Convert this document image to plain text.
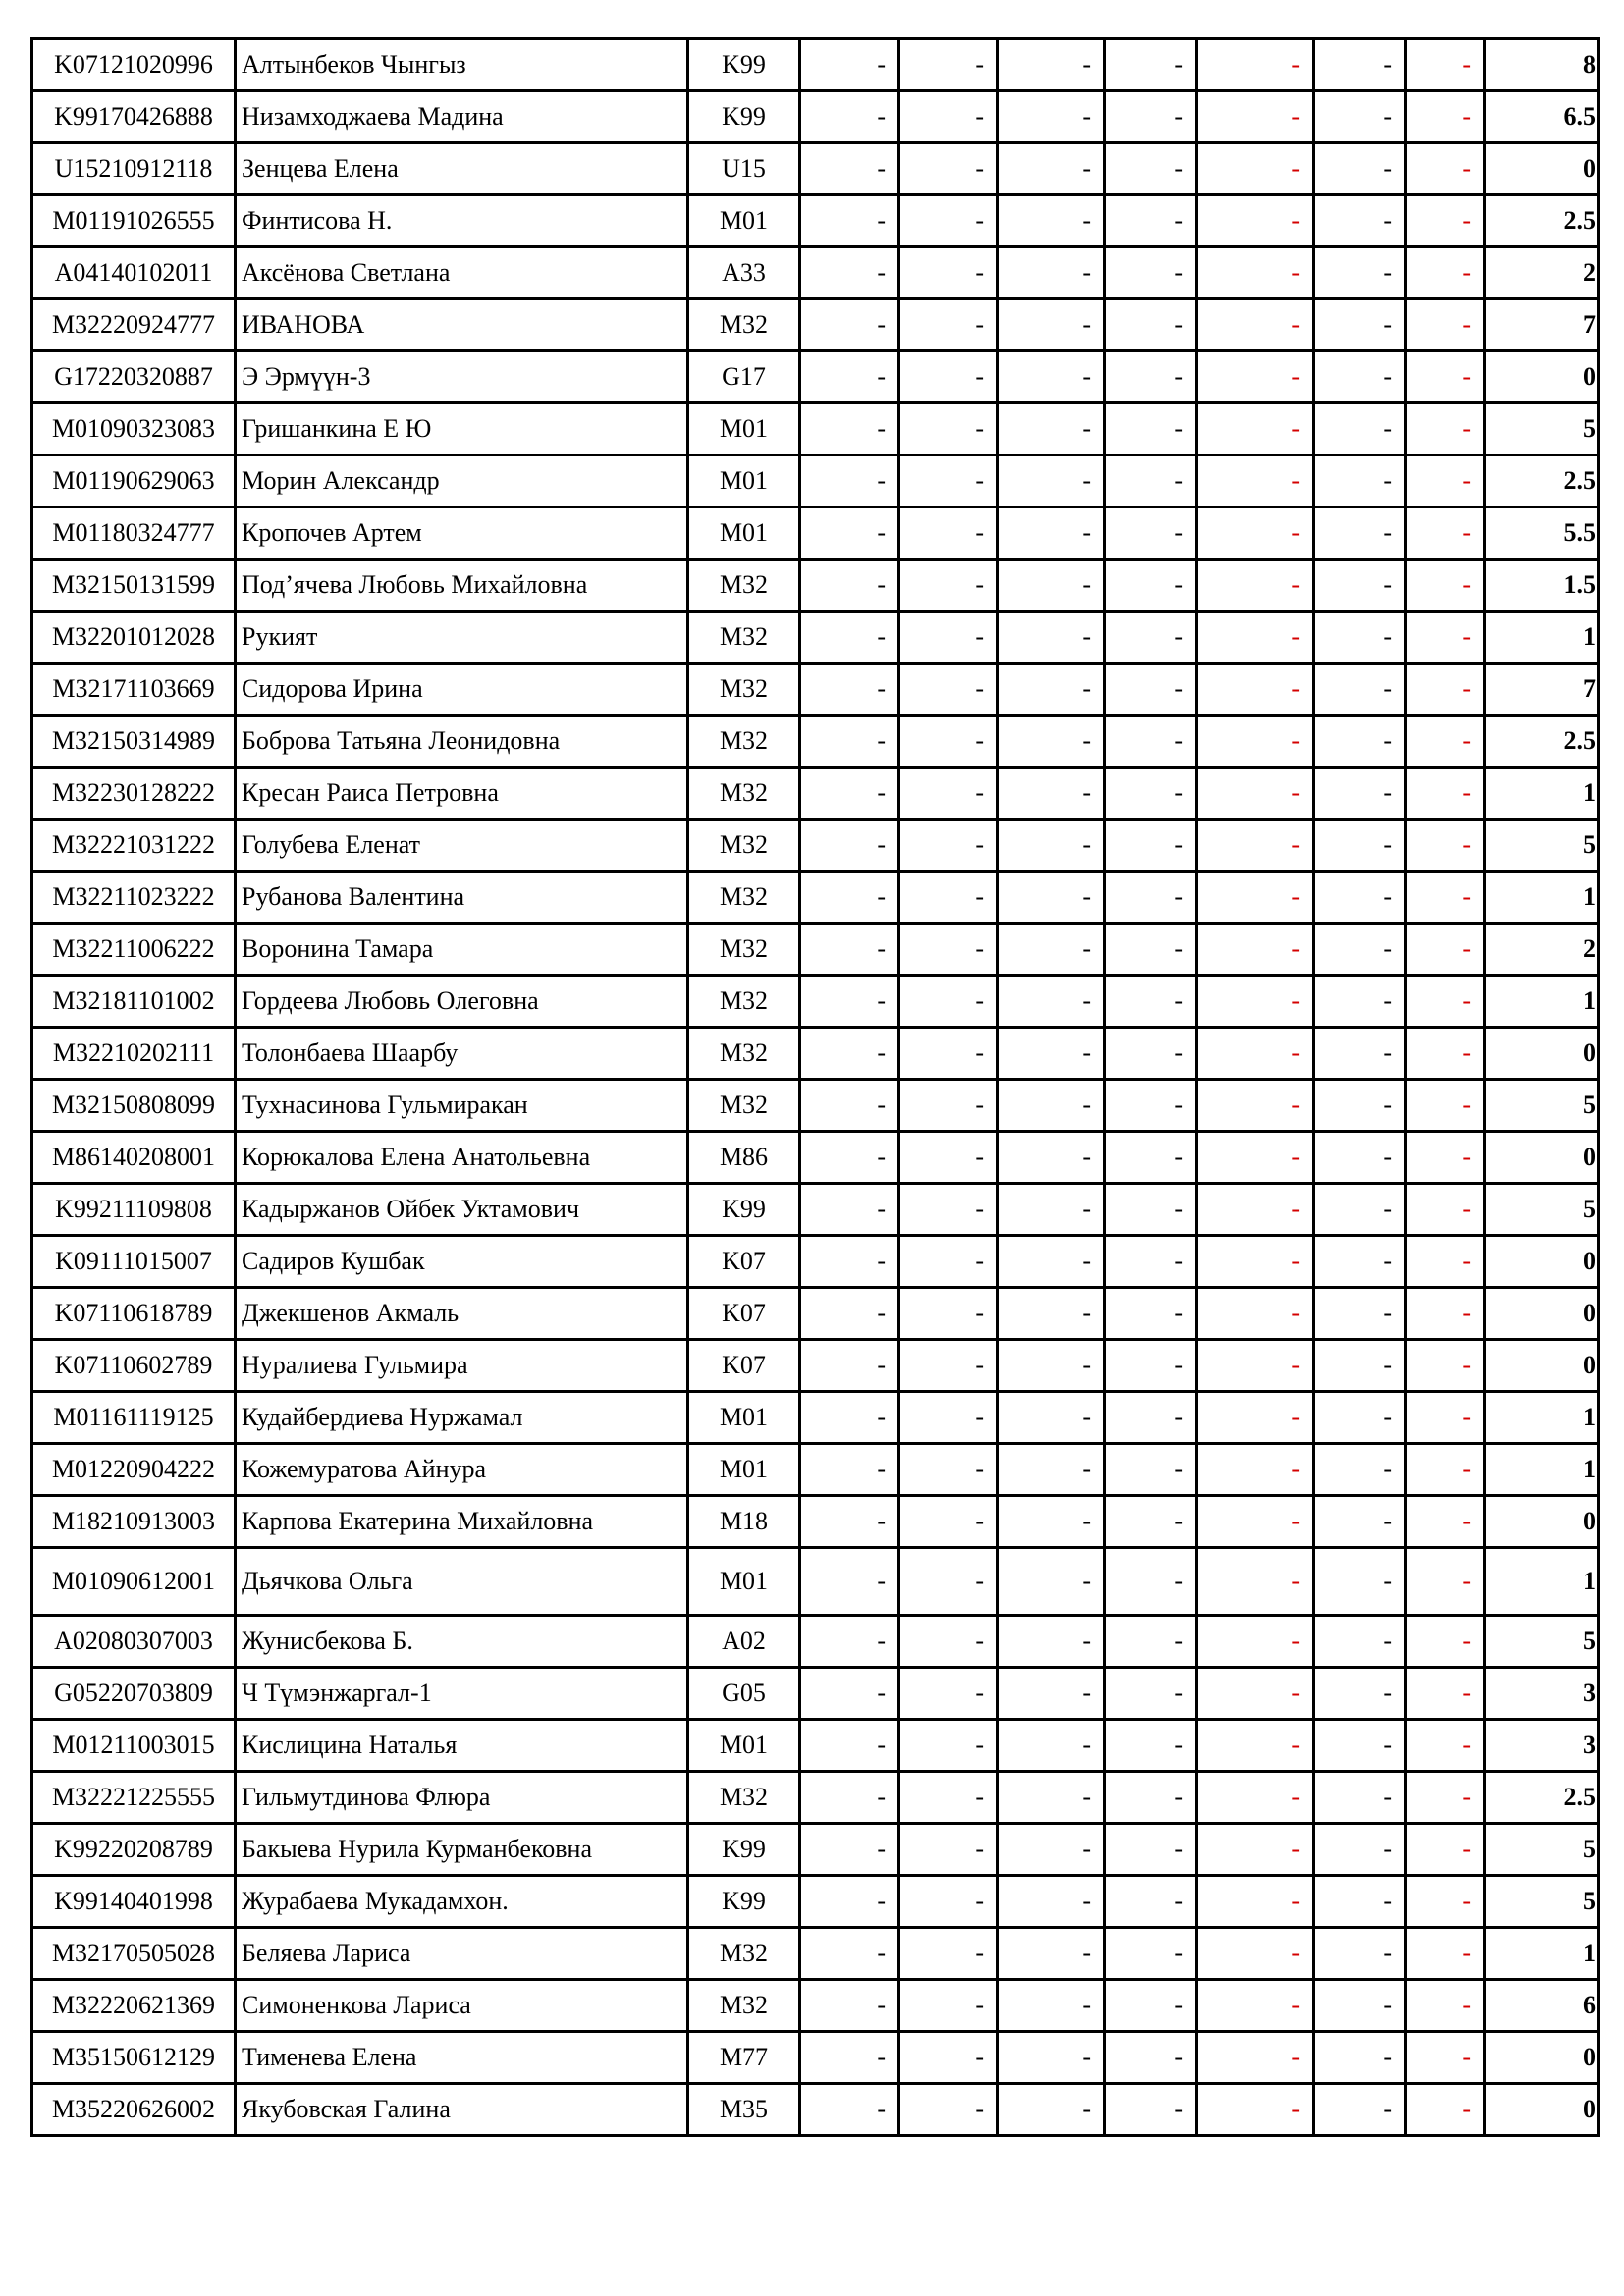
K07121020996	Алтынбеков Чынгыз	K99	-	-	-	-	-	-	-	8
K99170426888	Низамходжаева Мадина	K99	-	-	-	-	-	-	-	6.5
U15210912118	Зенцева Елена	U15	-	-	-	-	-	-	-	0
M01191026555	Финтисова Н.	M01	-	-	-	-	-	-	-	2.5
A04140102011	Аксёнова Светлана	A33	-	-	-	-	-	-	-	2
M32220924777	ИВАНОВА	M32	-	-	-	-	-	-	-	7
G17220320887	Э Эрмүүн-3	G17	-	-	-	-	-	-	-	0
M01090323083	Гришанкина Е Ю	M01	-	-	-	-	-	-	-	5
M01190629063	Морин Александр	M01	-	-	-	-	-	-	-	2.5
M01180324777	Кропочев Артем	M01	-	-	-	-	-	-	-	5.5
M32150131599	Под’ячева Любовь Михайловна	M32	-	-	-	-	-	-	-	1.5
M32201012028	Рукият	M32	-	-	-	-	-	-	-	1
M32171103669	Сидорова Ирина	M32	-	-	-	-	-	-	-	7
M32150314989	Боброва Татьяна Леонидовна	M32	-	-	-	-	-	-	-	2.5
M32230128222	Кресан Раиса Петровна	M32	-	-	-	-	-	-	-	1
M32221031222	Голубева Еленат	M32	-	-	-	-	-	-	-	5
M32211023222	Рубанова Валентина	M32	-	-	-	-	-	-	-	1
M32211006222	Воронина Тамара	M32	-	-	-	-	-	-	-	2
M32181101002	Гордеева Любовь Олеговна	M32	-	-	-	-	-	-	-	1
M32210202111	Толонбаева Шаарбу	M32	-	-	-	-	-	-	-	0
M32150808099	Тухнасинова Гульмиракан	M32	-	-	-	-	-	-	-	5
M86140208001	Корюкалова Елена Анатольевна	M86	-	-	-	-	-	-	-	0
K99211109808	Кадыржанов Ойбек Уктамович	K99	-	-	-	-	-	-	-	5
K09111015007	Садиров Кушбак	K07	-	-	-	-	-	-	-	0
K07110618789	Джекшенов Акмаль	K07	-	-	-	-	-	-	-	0
K07110602789	Нуралиева Гульмира	K07	-	-	-	-	-	-	-	0
M01161119125	Кудайбердиева Нуржамал	M01	-	-	-	-	-	-	-	1
M01220904222	Кожемуратова Айнура	M01	-	-	-	-	-	-	-	1
M18210913003	Карпова Екатерина Михайловна	M18	-	-	-	-	-	-	-	0
M01090612001	Дьячкова Ольга	M01	-	-	-	-	-	-	-	1
A02080307003	Жунисбекова Б.	A02	-	-	-	-	-	-	-	5
G05220703809	Ч Түмэнжаргал-1	G05	-	-	-	-	-	-	-	3
M01211003015	Кислицина Наталья	M01	-	-	-	-	-	-	-	3
M32221225555	Гильмутдинова Флюра	M32	-	-	-	-	-	-	-	2.5
K99220208789	Бакыева Нурила Курманбековна	K99	-	-	-	-	-	-	-	5
K99140401998	Журабаева Мукадамхон.	K99	-	-	-	-	-	-	-	5
M32170505028	Беляева Лариса	M32	-	-	-	-	-	-	-	1
M32220621369	Симоненкова Лариса	M32	-	-	-	-	-	-	-	6
M35150612129	Тименева Елена	M77	-	-	-	-	-	-	-	0
M35220626002	Якубовская Галина	M35	-	-	-	-	-	-	-	0
